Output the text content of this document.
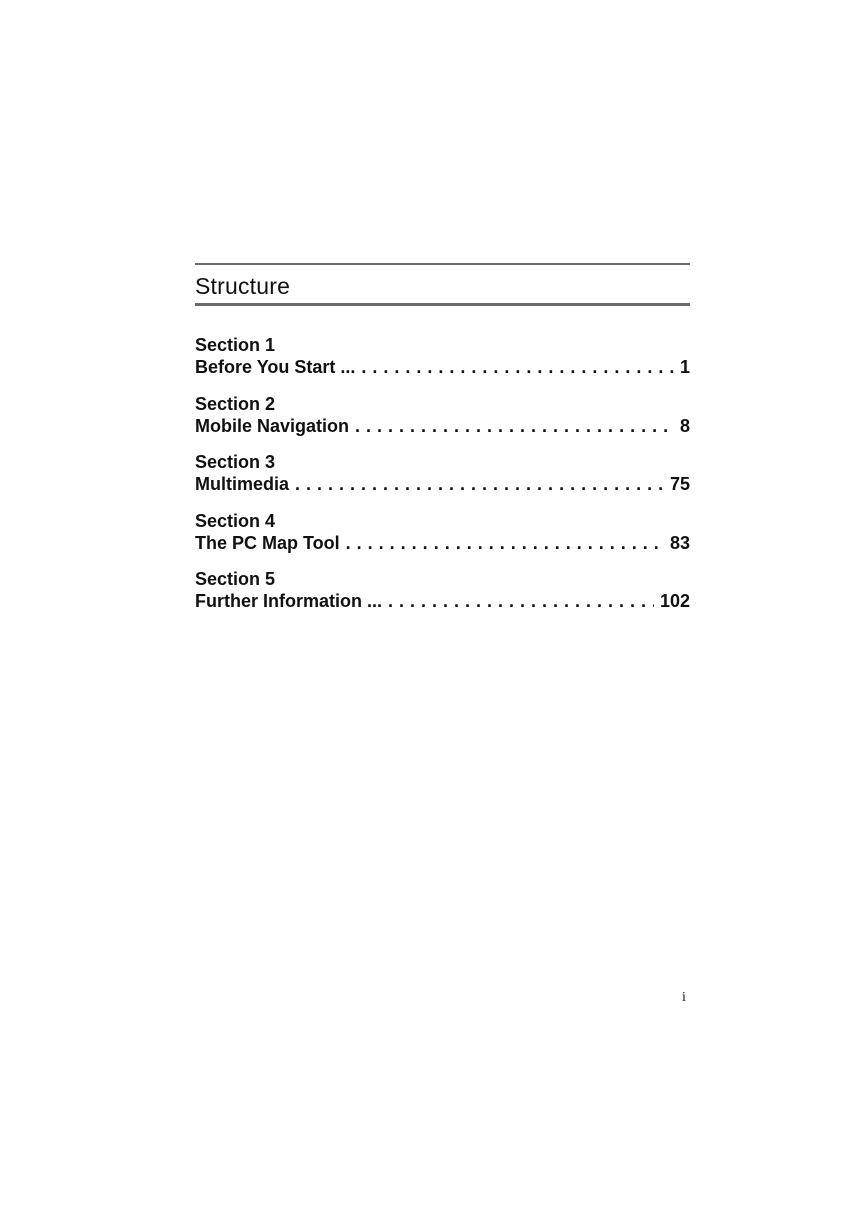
Structure
Section 1
Before You Start ... . . .	1
Section 2
Mobile Navigation . . .	8
Section 3
Multimedia . . .	75
Section 4
The PC Map Tool . . .	83
Section 5
Further Information ... . . .	102
i
